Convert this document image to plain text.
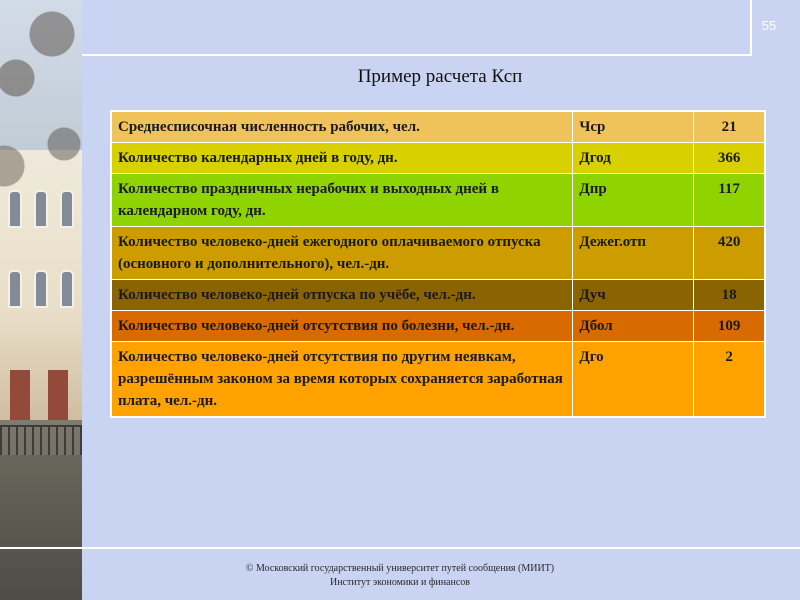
55
Пример расчета Ксп
Среднесписочная численность рабочих, чел.	Чср	21
Количество календарных дней в году, дн.	Дгод	366
Количество праздничных нерабочих и выходных дней в календарном году, дн.	Дпр	117
Количество человеко-дней ежегодного оплачиваемого отпуска (основного и дополнительного), чел.-дн.	Дежег.отп	420
Количество человеко-дней отпуска по учёбе, чел.-дн.	Дуч	18
Количество человеко-дней отсутствия по болезни, чел.-дн.	Дбол	109
Количество человеко-дней отсутствия по другим неявкам, разрешённым законом за время которых сохраняется заработная плата, чел.-дн.	Дго	2
© Московский государственный университет путей сообщения (МИИТ)
Институт экономики и финансов
